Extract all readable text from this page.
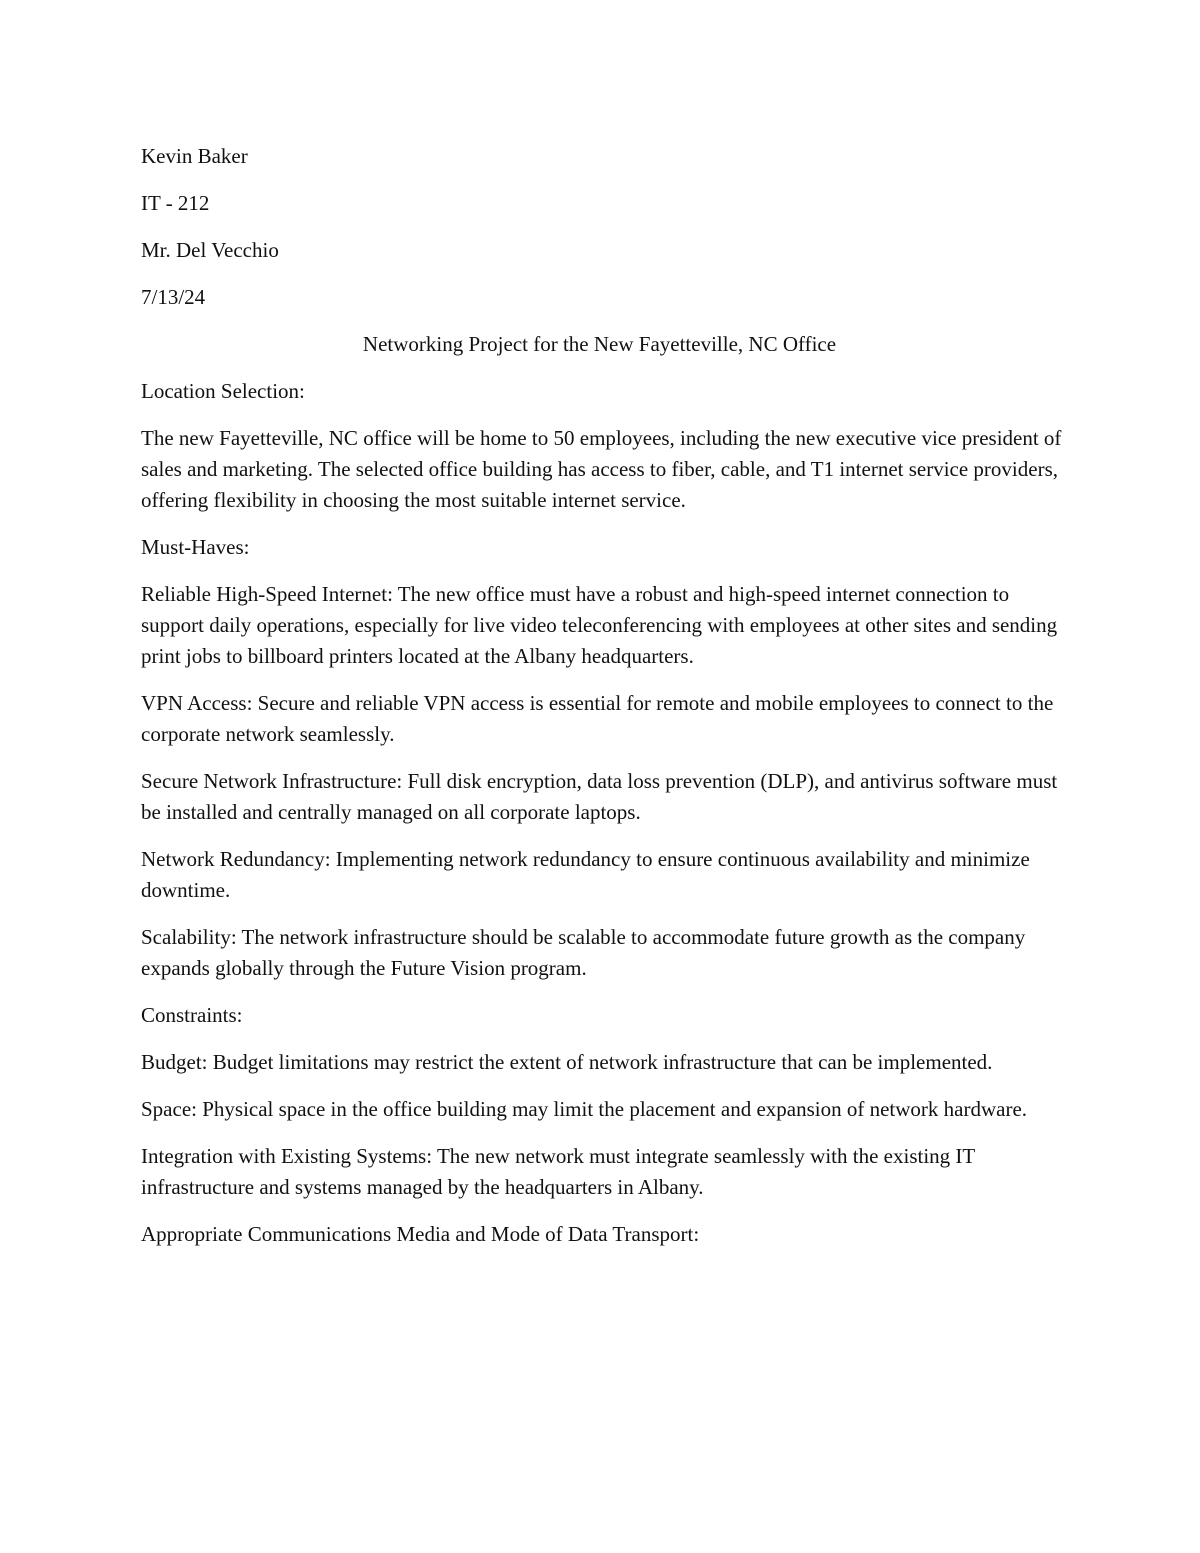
Kevin Baker
IT - 212
Mr. Del Vecchio
7/13/24
Networking Project for the New Fayetteville, NC Office

Location Selection:

The new Fayetteville, NC office will be home to 50 employees, including the new executive vice president of sales and marketing. The selected office building has access to fiber, cable, and T1 internet service providers, offering flexibility in choosing the most suitable internet service.

Must-Haves:

Reliable High-Speed Internet: The new office must have a robust and high-speed internet connection to support daily operations, especially for live video teleconferencing with employees at other sites and sending print jobs to billboard printers located at the Albany headquarters.

VPN Access: Secure and reliable VPN access is essential for remote and mobile employees to connect to the corporate network seamlessly.

Secure Network Infrastructure: Full disk encryption, data loss prevention (DLP), and antivirus software must be installed and centrally managed on all corporate laptops.

Network Redundancy: Implementing network redundancy to ensure continuous availability and minimize downtime.

Scalability: The network infrastructure should be scalable to accommodate future growth as the company expands globally through the Future Vision program.

Constraints:

Budget: Budget limitations may restrict the extent of network infrastructure that can be implemented.

Space: Physical space in the office building may limit the placement and expansion of network hardware.

Integration with Existing Systems: The new network must integrate seamlessly with the existing IT infrastructure and systems managed by the headquarters in Albany.

Appropriate Communications Media and Mode of Data Transport:
